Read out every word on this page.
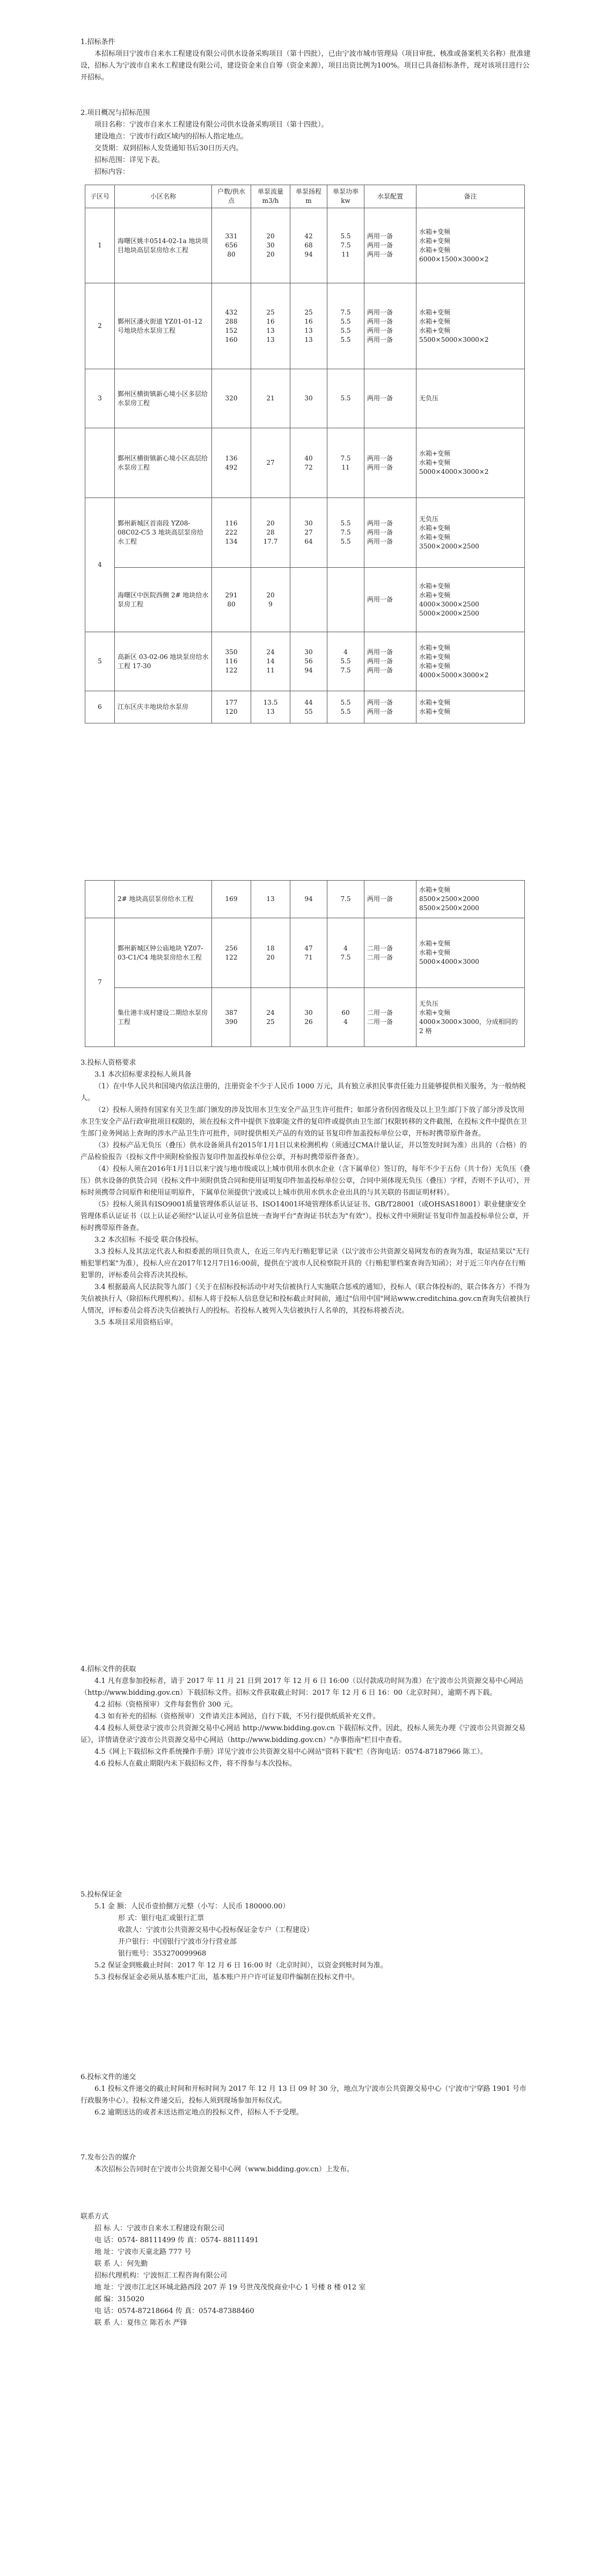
1.招标条件

本招标项目宁波市自来水工程建设有限公司供水设备采购项目（第十四批），已由宁波市城市管理局（项目审批、核准或备案机关名称）批准建设，招标人为宁波市自来水工程建设有限公司，建设资金来自自筹（资金来源），项目出资比例为100%。项目已具备招标条件，现对该项目进行公开招标。

2.项目概况与招标范围

项目名称：宁波市自来水工程建设有限公司供水设备采购项目（第十四批）。

建设地点：宁波市行政区域内的招标人指定地点。

交货期：双到招标人发货通知书后30日历天内。

招标范围：详见下表。

招标内容：

子区号	小区名称	户数/供水点	单泵流量m3/h	单泵扬程m	单泵功率kw	水泵配置	备注
1	海曙区姚丰0514-02-1a 地块项目地块高层泵房给水工程	331
656
80	20
30
20	42
68
94	5.5
7.5
11	两用一备
两用一备
两用一备	水箱+变频
水箱+变频
水箱+变频
6000×1500×3000×2
2	鄞州区潘火街道 YZ01-01-12 号地块给水泵房工程	432
288
152
160	25
16
13
13	25
16
13
13	7.5
5.5
5.5
5.5	两用一备
两用一备
两用一备
两用一备	水箱+变频
水箱+变频
水箱+变频
5500×5000×3000×2
3	鄞州区横街镇新心境小区多层给水泵房工程	320	21	30	5.5	两用一备	无负压
	鄞州区横街镇新心境小区高层给水泵房工程	136
492	27	40
72	7.5
11	两用一备
两用一备	水箱+变频
水箱+变频
5000×4000×3000×2
4	鄞州新城区首南段 YZ08-08C02-C5 3 地块高层泵房给水工程	116
222
134	20
28
17.7	30
27
64	5.5
7.5
5.5	两用一备
两用一备
两用一备	无负压
水箱+变频
水箱+变频
3500×2000×2500
	海曙区中医院西侧 2# 地块给水泵房工程	291
80	20
9			两用一备	水箱+变频
水箱+变频
4000×3000×2500
5000×2000×2500
5	高新区 03-02-06 地块泵房给水工程 17-30	350
116
122	24
14
11	30
56
94	4
5.5
7.5	两用一备
两用一备
两用一备	水箱+变频
水箱+变频
水箱+变频
4000×5000×3000×2
6	江东区庆丰地块给水泵房	177
120	13.5
13	44
55	5.5
5.5	两用一备
两用一备	水箱+变频
水箱+变频
	2# 地块高层泵房给水工程	169	13	94	7.5	两用一备	水箱+变频
8500×2500×2000
8500×2500×2000
7	鄞州新城区钟公庙地块 YZ07-03-C1/C4 地块泵房给水工程	256
122	18
20	47
71	4
7.5	二用一备
二用一备	水箱+变频
水箱+变频
5000×4000×3000
	集仕港丰成村建设二期给水泵房工程	387
390	24
25	30
26	60
4	二用一备
二用一备	无负压
水箱+变频
4000×3000×3000，分成相同的 2 格

3.投标人资格要求

3.1 本次招标要求投标人须具备

（1）在中华人民共和国境内依法注册的，注册资金不少于人民币 1000 万元，具有独立承担民事责任能力且能够提供相关服务，为一般纳税人。

（2）投标人须持有国家有关卫生部门颁发的涉及饮用水卫生安全产品卫生许可批件；如部分省份因省级及以上卫生部门下放了部分涉及饮用水卫生安全产品行政审批项目权限的，须在投标文件中提供下放职能文件的复印件或提供由卫生部门权限转移的文件截图，在投标文件中提供在卫生部门业务网站上查询的涉水产品卫生许可批件，同时提供相关产品的有效的证书复印件加盖投标单位公章，开标时携带原件备查。

（3）投标产品无负压（叠压）供水设备须具有2015年1月1日以来检测机构（须通过CMA计量认证，并以签发时间为准）出具的（合格）的产品检验报告（投标文件中须附检验报告复印件加盖投标单位公章，开标时携带原件备查）。

（4）投标人须在2016年1月1日以来宁波与地市级或以上城市供用水供水企业（含下属单位）签订的，每年不少于五份（共十份）无负压（叠压）供水设备的供货合同（投标文件中须附供货合同和使用证明复印件加盖投标单位公章，合同中须体现无负压（叠压）字样，否则不予认可），开标时须携带合同原件和使用证明原件，下属单位须提供宁波或以上城市供用水供水企业出具的与其关联的书面证明材料）。

（5）投标人须具有ISO9001质量管理体系认证证书、ISO14001环境管理体系认证证书、GB/T28001（或OHSAS18001）职业健康安全管理体系认证证书（以上认证必须经"认证认可业务信息统一查询平台"查询证书状态为"有效"）。投标文件中须附证书复印件加盖投标单位公章，开标时携带原件备查。

3.2 本次招标 不接受 联合体投标。

3.3 投标人及其法定代表人和拟委派的项目负责人，在近三年内无行贿犯罪记录（以宁波市公共资源交易网发布的查询为准，取证结果以"无行贿犯罪档案"为准），投标人应在2017年12月7日16:00前，提供在宁波市人民检察院开具的《行贿犯罪档案查询告知函》；对于近三年内存在行贿犯罪的，评标委员会将否决其投标。

3.4 根据最高人民法院等九部门《关于在招标投标活动中对失信被执行人实施联合惩戒的通知》，投标人（联合体投标的，联合体各方）不得为失信被执行人（除招标代理机构）。招标人将于投标人信息登记和投标截止时间前，通过"信用中国"网站www.creditchina.gov.cn查询失信被执行人情况，评标委员会将否决失信被执行人的投标。若投标人被列入失信被执行人名单的，其投标将被否决。

3.5 本项目采用资格后审。

4.招标文件的获取

4.1 凡有意参加投标者，请于 2017 年 11 月 21 日到 2017 年 12 月 6 日 16:00（以付款成功时间为准）在宁波市公共资源交易中心网站（http://www.bidding.gov.cn）下载招标文件。招标文件获取截止时间：2017 年 12 月 6 日 16：00（北京时间），逾期不再下载。

4.2 招标（资格预审）文件每套售价 300 元。

4.3 如有补充的招标（资格预审）文件请关注本网站，自行下载，不另行提供纸质补充文件。

4.4 投标人须登录宁波市公共资源交易中心网站 http://www.bidding.gov.cn 下载招标文件。因此，投标人须先办理《宁波市公共资源交易证》，详情请登录宁波市公共资源交易中心网站（http://www.bidding.gov.cn）"办事指南"栏目中查看。

4.5《网上下载招标文件系统操作手册》详见宁波市公共资源交易中心网站"资料下载"栏（咨询电话：0574-87187966 陈工）。

4.6 投标人在截止期限内未下载招标文件，将不得参与本次投标。

5.投标保证金

5.1 金 额：人民币壹拾捌万元整（小写：人民币 180000.00）

形 式：银行电汇或银行汇票

收款人：宁波市公共资源交易中心投标保证金专户（工程建设）

开户银行：中国银行宁波市分行营业部

银行账号：353270099968

5.2 保证金到账截止时间：2017 年 12 月 6 日 16:00 时（北京时间），以资金到账时间为准。

5.3 投标保证金必须从基本账户汇出，基本账户开户许可证复印件编制在投标文件中。

6.投标文件的递交

6.1 投标文件递交的截止时间和开标时间为 2017 年 12 月 13 日 09 时 30 分，地点为宁波市公共资源交易中心（宁波市宁穿路 1901 号市行政服务中心）。投标文件递交后，投标人须到现场参加开标仪式。

6.2 逾期送达的或者未送达指定地点的投标文件，招标人不予受理。

7.发布公告的媒介

本次招标公告同时在宁波市公共资源交易中心网（www.bidding.gov.cn）上发布。

联系方式

招 标 人：宁波市自来水工程建设有限公司

电 话：0574- 88111499 传 真：0574- 88111491

地 址：宁波市天童北路 777 号

联 系 人：何先勤

招标代理机构：宁波恒汇工程咨询有限公司

地 址：宁波市江北区环城北路西段 207 弄 19 号世茂茂悦商业中心 1 号楼 8 楼 012 室

邮 编：315020

电 话：0574-87218664 传 真：0574-87388460

联 系 人：夏伟立 陈若水 严锋
